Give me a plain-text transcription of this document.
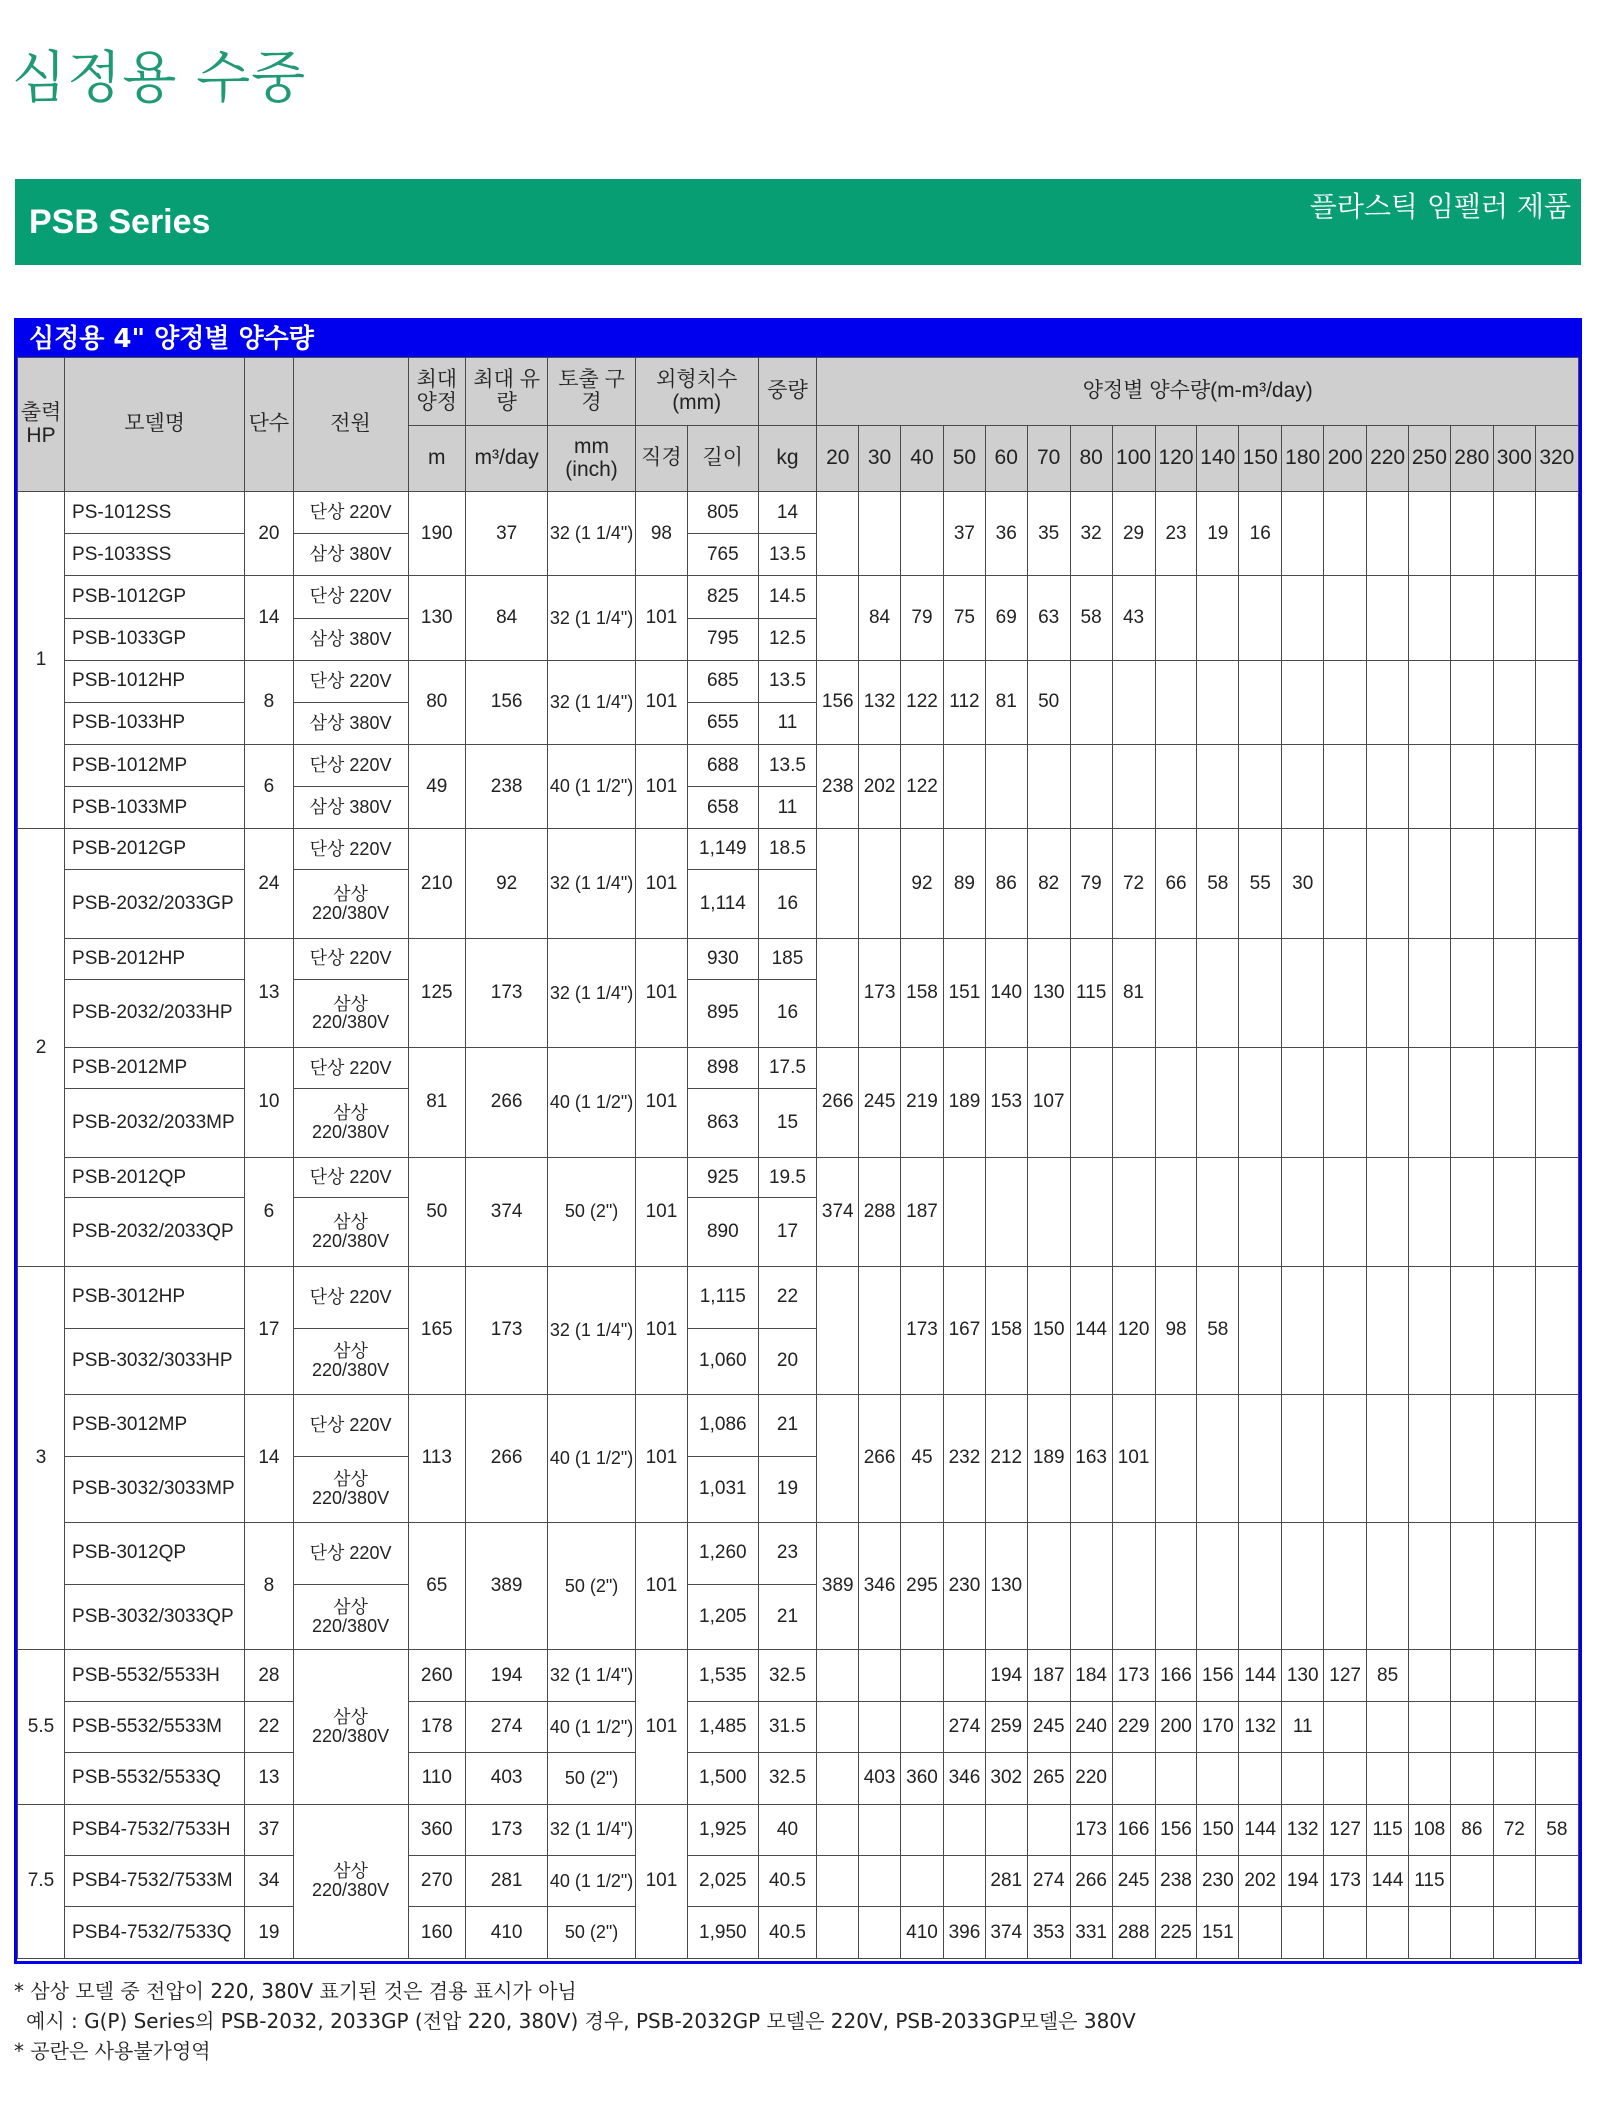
심정용 수중
PSB Series	플라스틱 임펠러 제품
심정용 4" 양정별 양수량
출력 HP	모델명	단수	전원	최대 양정	최대 유량	토출 구경	외형치수 (mm)		중량	양정별 양수량(m-m³/day)																	
				m	m³/day	mm (inch)	직경	길이	kg	20	30	40	50	60	70	80	100	120	140	150	180	200	220	250	280	300	320
1	PS-1012SS	20	단상 220V	190	37	32 (1 1/4")	98	805	14				37	36	35	32	29	23	19	16							
	PS-1033SS		삼상 380V					765	13.5																		
	PSB-1012GP	14	단상 220V	130	84	32 (1 1/4")	101	825	14.5		84	79	75	69	63	58	43										
	PSB-1033GP		삼상 380V					795	12.5																		
	PSB-1012HP	8	단상 220V	80	156	32 (1 1/4")	101	685	13.5	156	132	122	112	81	50												
	PSB-1033HP		삼상 380V					655	11																		
	PSB-1012MP	6	단상 220V	49	238	40 (1 1/2")	101	688	13.5	238	202	122															
	PSB-1033MP		삼상 380V					658	11																		
2	PSB-2012GP	24	단상 220V	210	92	32 (1 1/4")	101	1,149	18.5			92	89	86	82	79	72	66	58	55	30						
	PSB-2032/2033GP		삼상 220/380V					1,114	16																		
	PSB-2012HP	13	단상 220V	125	173	32 (1 1/4")	101	930	185		173	158	151	140	130	115	81										
	PSB-2032/2033HP		삼상 220/380V					895	16																		
	PSB-2012MP	10	단상 220V	81	266	40 (1 1/2")	101	898	17.5	266	245	219	189	153	107												
	PSB-2032/2033MP		삼상 220/380V					863	15																		
	PSB-2012QP	6	단상 220V	50	374	50 (2")	101	925	19.5	374	288	187															
	PSB-2032/2033QP		삼상 220/380V					890	17																		
3	PSB-3012HP	17	단상 220V	165	173	32 (1 1/4")	101	1,115	22			173	167	158	150	144	120	98	58								
	PSB-3032/3033HP		삼상 220/380V					1,060	20																		
	PSB-3012MP	14	단상 220V	113	266	40 (1 1/2")	101	1,086	21		266	45	232	212	189	163	101										
	PSB-3032/3033MP		삼상 220/380V					1,031	19																		
	PSB-3012QP	8	단상 220V	65	389	50 (2")	101	1,260	23	389	346	295	230	130													
	PSB-3032/3033QP		삼상 220/380V					1,205	21																		
5.5	PSB-5532/5533H	28	삼상 220/380V	260	194	32 (1 1/4")	101	1,535	32.5					194	187	184	173	166	156	144	130	127	85				
	PSB-5532/5533M	22		178	274	40 (1 1/2")		1,485	31.5				274	259	245	240	229	200	170	132	11						
	PSB-5532/5533Q	13		110	403	50 (2")		1,500	32.5		403	360	346	302	265	220											
7.5	PSB4-7532/7533H	37	삼상 220/380V	360	173	32 (1 1/4")	101	1,925	40							173	166	156	150	144	132	127	115	108	86	72	58
	PSB4-7532/7533M	34		270	281	40 (1 1/2")		2,025	40.5					281	274	266	245	238	230	202	194	173	144	115			
	PSB4-7532/7533Q	19		160	410	50 (2")		1,950	40.5			410	396	374	353	331	288	225	151								
* 삼상 모델 중 전압이 220, 380V 표기된 것은 겸용 표시가 아님
예시 : G(P) Series의 PSB-2032, 2033GP (전압 220, 380V) 경우, PSB-2032GP 모델은 220V, PSB-2033GP모델은 380V
* 공란은 사용불가영역
